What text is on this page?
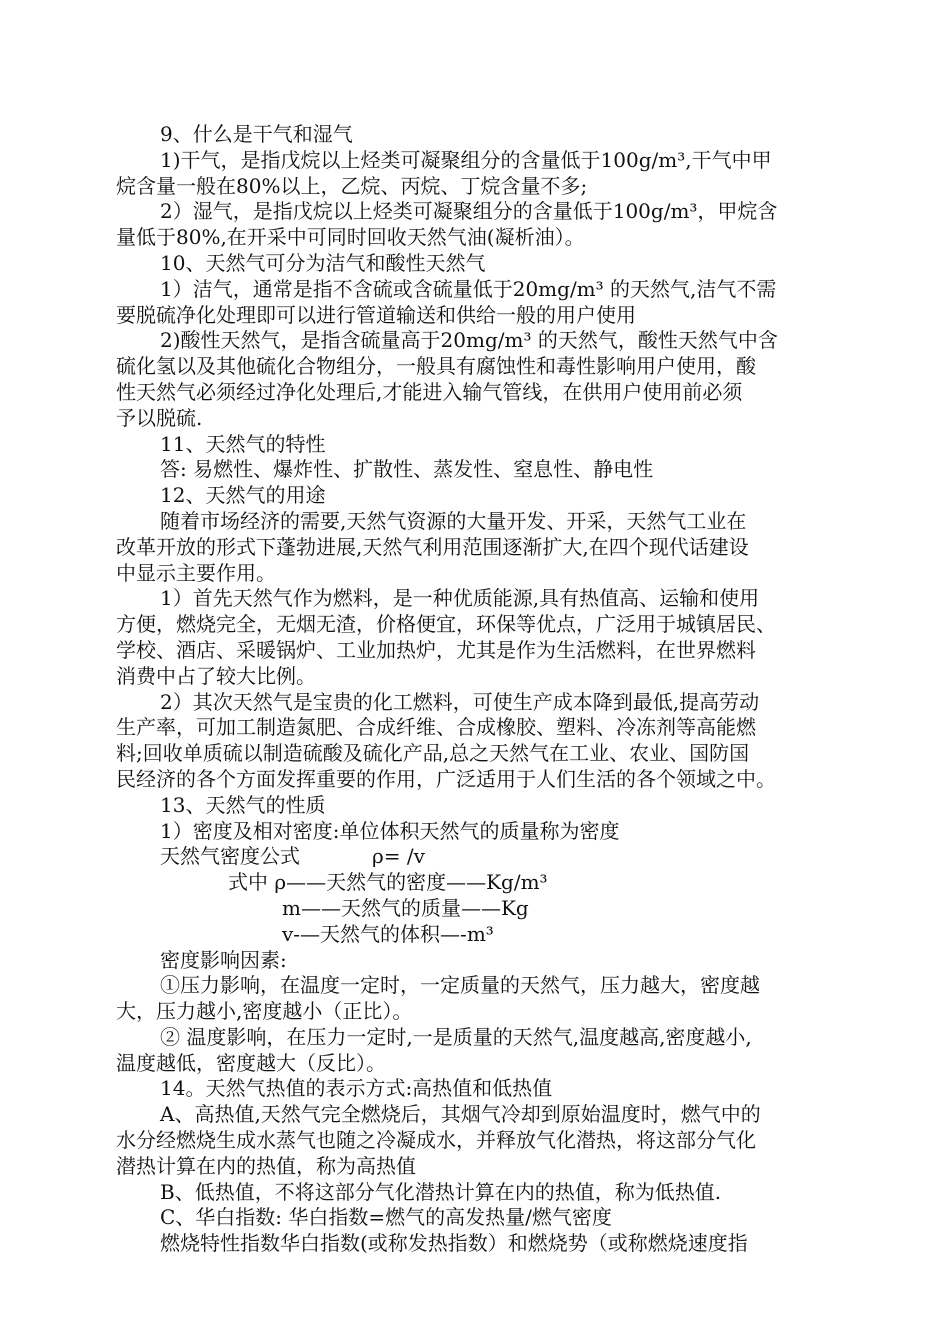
9、什么是干气和湿气
1)干气，是指戊烷以上烃类可凝聚组分的含量低于100g/m³,干气中甲
烷含量一般在80%以上，乙烷、丙烷、丁烷含量不多;
2）湿气，是指戊烷以上烃类可凝聚组分的含量低于100g/m³，甲烷含
量低于80%,在开采中可同时回收天然气油(凝析油）。
10、天然气可分为洁气和酸性天然气
1）洁气，通常是指不含硫或含硫量低于20mg/m³ 的天然气,洁气不需
要脱硫净化处理即可以进行管道输送和供给一般的用户使用
2)酸性天然气，是指含硫量高于20mg/m³ 的天然气，酸性天然气中含
硫化氢以及其他硫化合物组分，一般具有腐蚀性和毒性影响用户使用，酸
性天然气必须经过净化处理后,才能进入输气管线，在供用户使用前必须
予以脱硫.
11、天然气的特性
答: 易燃性、爆炸性、扩散性、蒸发性、窒息性、静电性
12、天然气的用途
随着市场经济的需要,天然气资源的大量开发、开采，天然气工业在
改革开放的形式下蓬勃进展,天然气利用范围逐渐扩大,在四个现代话建设
中显示主要作用。
1）首先天然气作为燃料，是一种优质能源,具有热值高、运输和使用
方便，燃烧完全，无烟无渣，价格便宜，环保等优点，广泛用于城镇居民、
学校、酒店、采暖锅炉、工业加热炉，尤其是作为生活燃料，在世界燃料
消费中占了较大比例。
2）其次天然气是宝贵的化工燃料，可使生产成本降到最低,提高劳动
生产率，可加工制造氮肥、合成纤维、合成橡胶、塑料、冷冻剂等高能燃
料;回收单质硫以制造硫酸及硫化产品,总之天然气在工业、农业、国防国
民经济的各个方面发挥重要的作用，广泛适用于人们生活的各个领域之中。
13、天然气的性质
1）密度及相对密度:单位体积天然气的质量称为密度
天然气密度公式	ρ= /v
式中 ρ——天然气的密度——Kg/m³
m——天然气的质量——Kg
v-—天然气的体积—-m³
密度影响因素:
①压力影响，在温度一定时，一定质量的天然气，压力越大，密度越
大，压力越小,密度越小（正比）。
② 温度影响，在压力一定时,一是质量的天然气,温度越高,密度越小,
温度越低，密度越大（反比）。
14。天然气热值的表示方式:高热值和低热值
A、高热值,天然气完全燃烧后，其烟气冷却到原始温度时，燃气中的
水分经燃烧生成水蒸气也随之冷凝成水，并释放气化潜热，将这部分气化
潜热计算在内的热值，称为高热值
B、低热值，不将这部分气化潜热计算在内的热值，称为低热值.
C、华白指数: 华白指数=燃气的高发热量/燃气密度
燃烧特性指数华白指数(或称发热指数）和燃烧势（或称燃烧速度指
